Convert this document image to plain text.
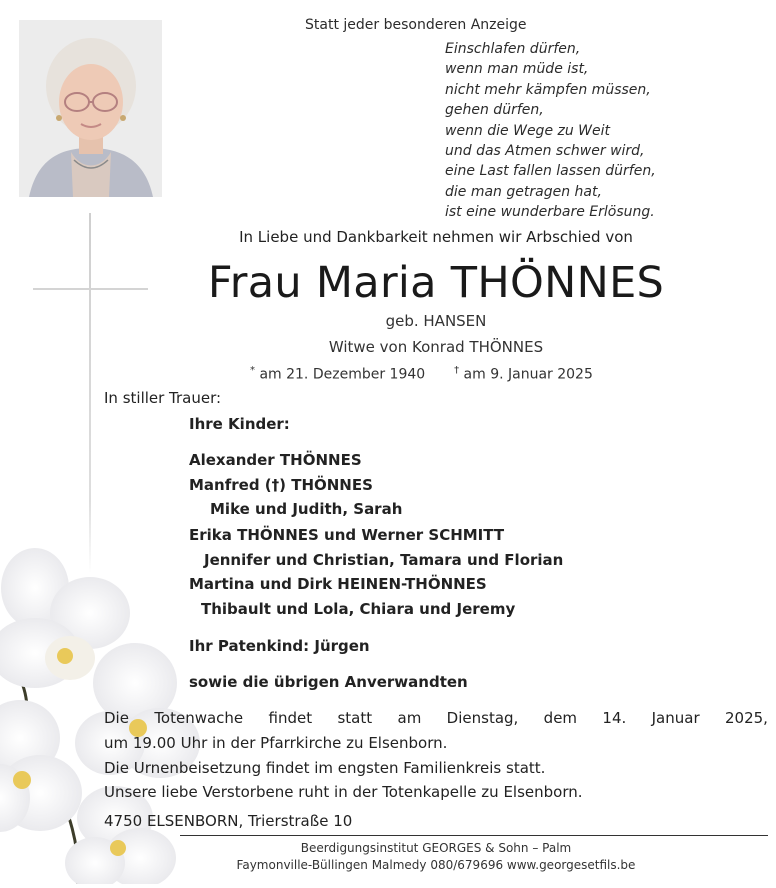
Statt jeder besonderen Anzeige
Einschlafen dürfen,
wenn man müde ist,
nicht mehr kämpfen müssen,
gehen dürfen,
wenn die Wege zu Weit
und das Atmen schwer wird,
eine Last fallen lassen dürfen,
die man getragen hat,
ist eine wunderbare Erlösung.
In Liebe und Dankbarkeit nehmen wir Arbschied von
Frau Maria THÖNNES
geb. HANSEN
Witwe von Konrad THÖNNES
* am 21. Dezember 1940	† am 9. Januar 2025
In stiller Trauer:
Ihre Kinder:
Alexander THÖNNES
Manfred (†) THÖNNES
Mike und Judith, Sarah
Erika THÖNNES und Werner SCHMITT
Jennifer und Christian, Tamara und Florian
Martina und Dirk HEINEN-THÖNNES
Thibault und Lola, Chiara und Jeremy
Ihr Patenkind: Jürgen
sowie die übrigen Anverwandten
Die Totenwache findet statt am Dienstag, dem 14. Januar 2025,
um 19.00 Uhr in der Pfarrkirche zu Elsenborn.
Die Urnenbeisetzung findet im engsten Familienkreis statt.
Unsere liebe Verstorbene ruht in der Totenkapelle zu Elsenborn.
4750 ELSENBORN, Trierstraße 10
Beerdigungsinstitut GEORGES & Sohn – Palm
Faymonville-Büllingen Malmedy 080/679696 www.georgesetfils.be
